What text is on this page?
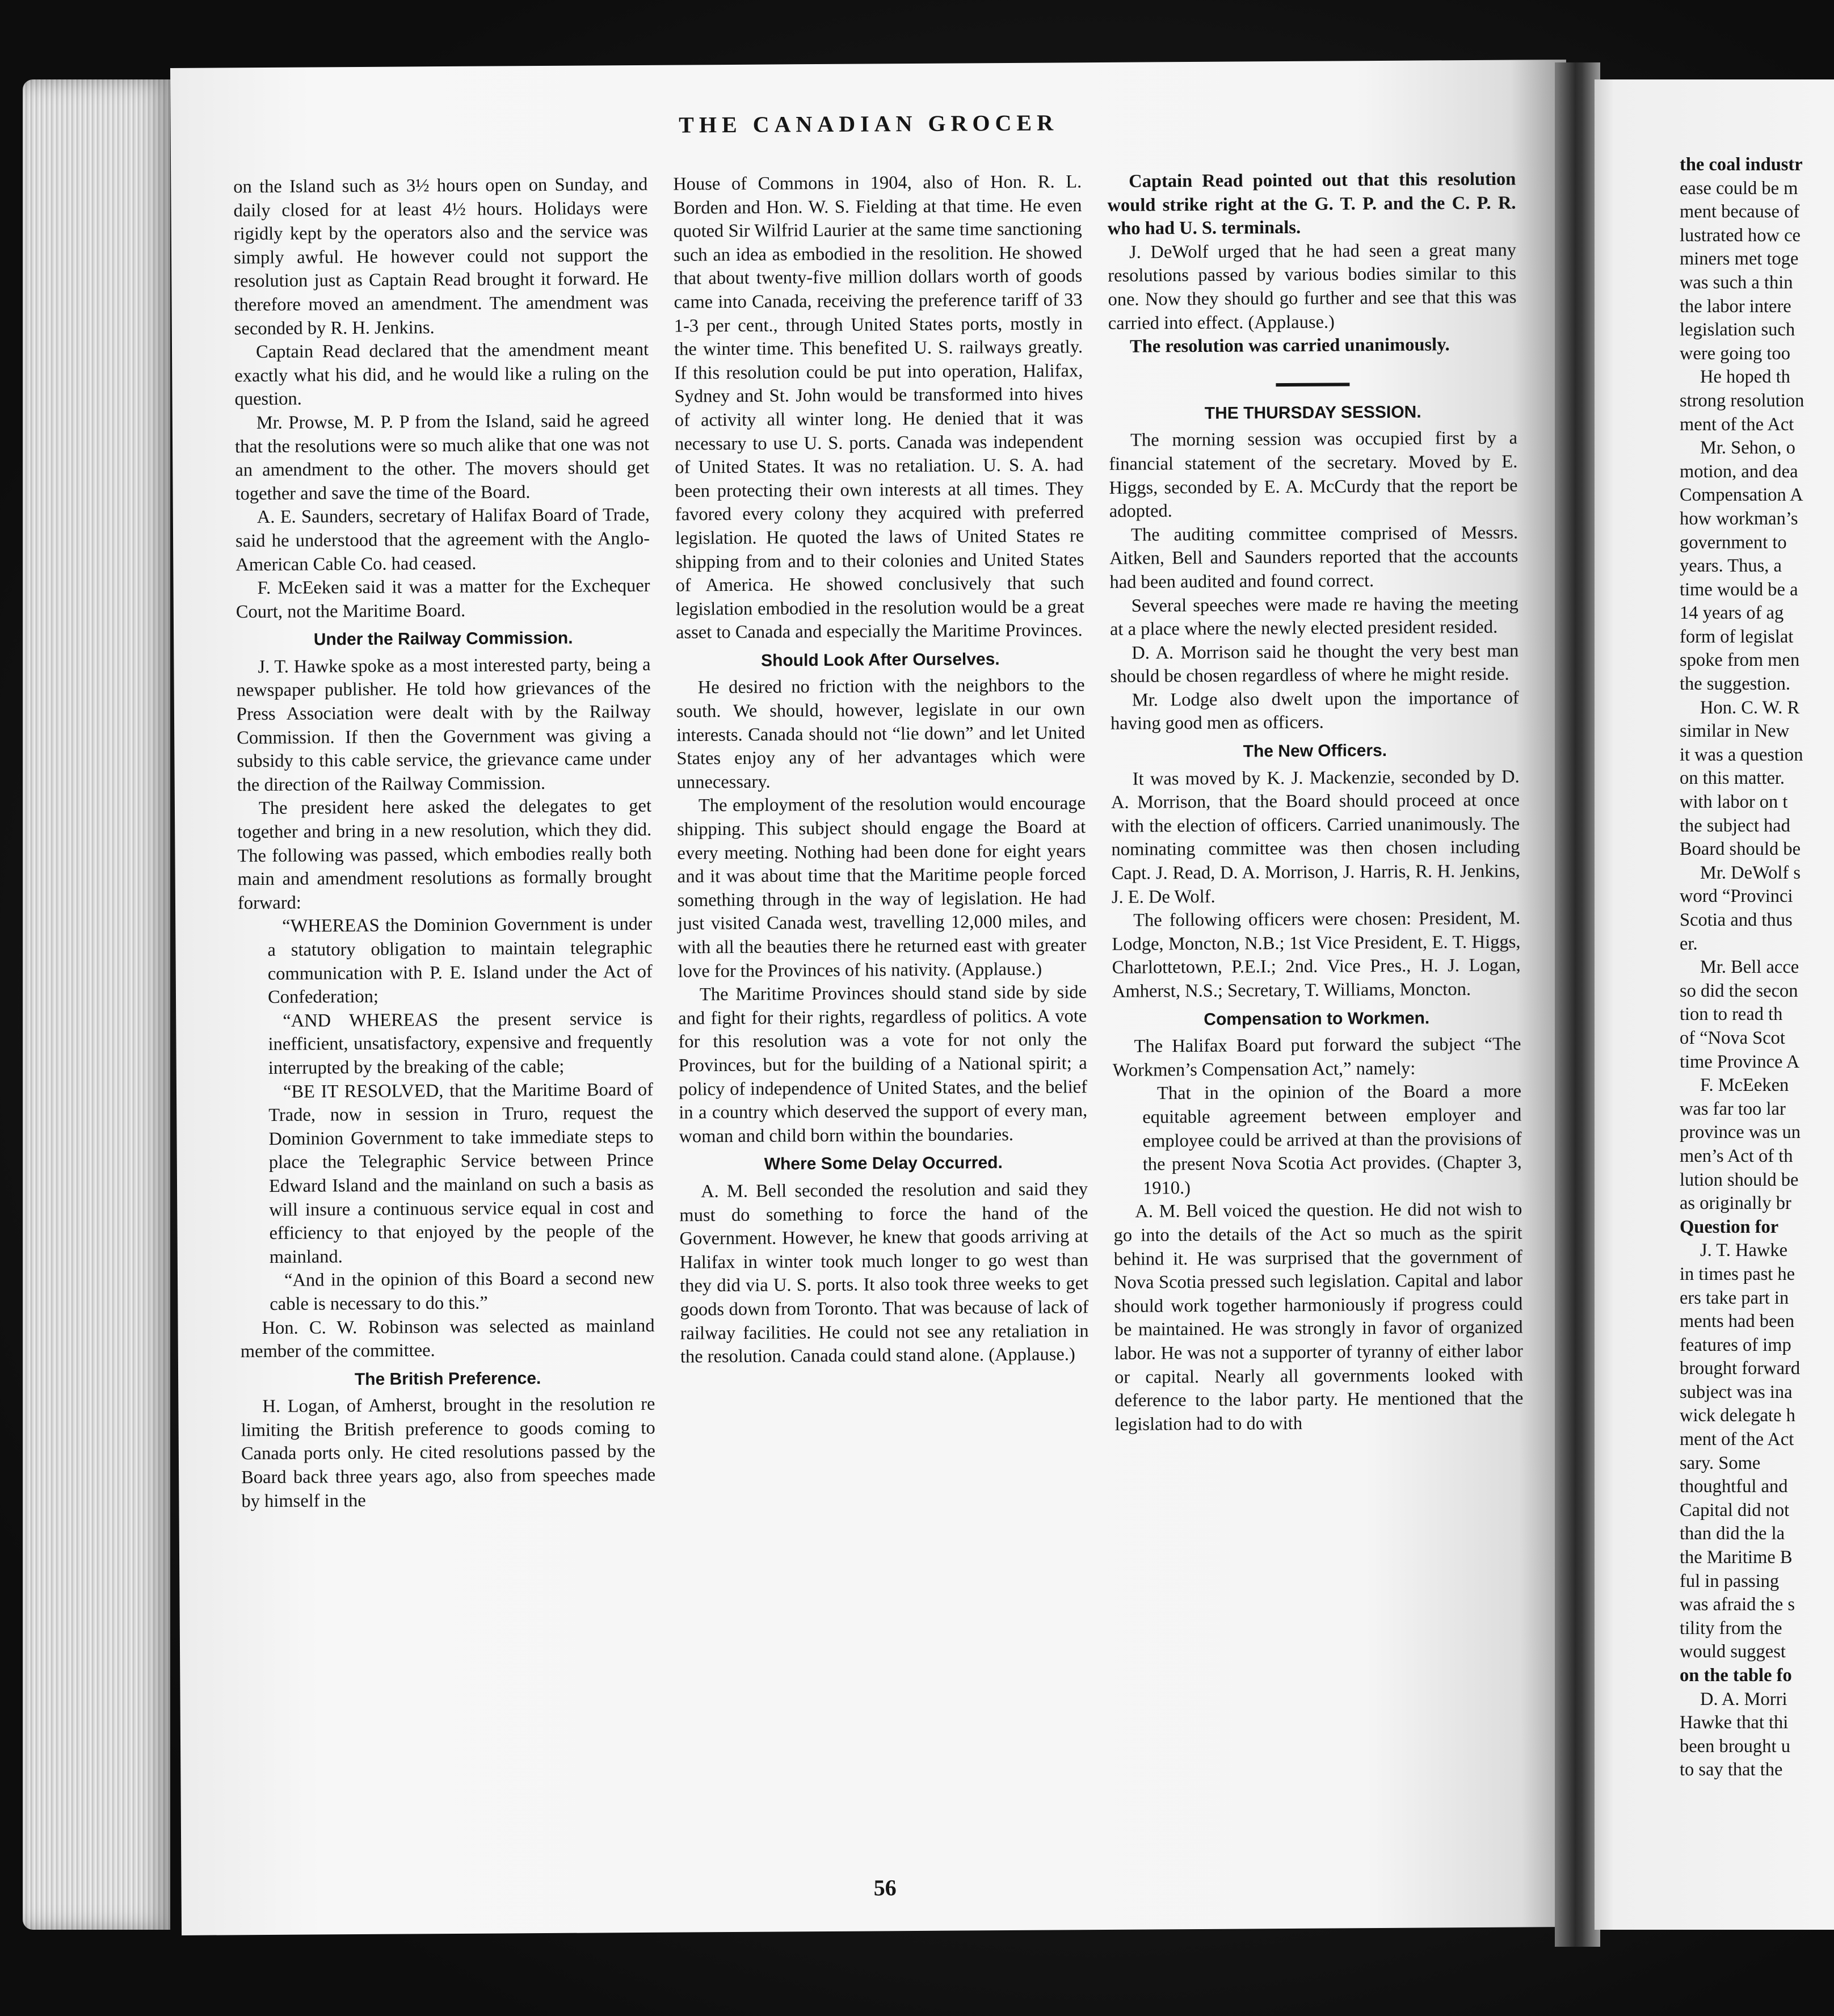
THE CANADIAN GROCER

on the Island such as 3½ hours open on Sunday, and daily closed for at least 4½ hours. Holidays were rigidly kept by the operators also and the service was simply awful. He however could not support the resolution just as Captain Read brought it forward. He therefore moved an amendment. The amendment was seconded by R. H. Jenkins.

Captain Read declared that the amendment meant exactly what his did, and he would like a ruling on the question.

Mr. Prowse, M. P. P from the Island, said he agreed that the resolutions were so much alike that one was not an amendment to the other. The movers should get together and save the time of the Board.

A. E. Saunders, secretary of Halifax Board of Trade, said he understood that the agreement with the Anglo-American Cable Co. had ceased.

F. McEeken said it was a matter for the Exchequer Court, not the Maritime Board.

Under the Railway Commission.

J. T. Hawke spoke as a most interested party, being a newspaper publisher. He told how grievances of the Press Association were dealt with by the Railway Commission. If then the Government was giving a subsidy to this cable service, the grievance came under the direction of the Railway Commission.

The president here asked the delegates to get together and bring in a new resolution, which they did. The following was passed, which embodies really both main and amendment resolutions as formally brought forward:

“WHEREAS the Dominion Government is under a statutory obligation to maintain telegraphic communication with P. E. Island under the Act of Confederation;

“AND WHEREAS the present service is inefficient, unsatisfactory, expensive and frequently interrupted by the breaking of the cable;

“BE IT RESOLVED, that the Maritime Board of Trade, now in session in Truro, request the Dominion Government to take immediate steps to place the Telegraphic Service between Prince Edward Island and the mainland on such a basis as will insure a continuous service equal in cost and efficiency to that enjoyed by the people of the mainland.

“And in the opinion of this Board a second new cable is necessary to do this.”

Hon. C. W. Robinson was selected as mainland member of the committee.

The British Preference.

H. Logan, of Amherst, brought in the resolution re limiting the British preference to goods coming to Canada ports only. He cited resolutions passed by the Board back three years ago, also from speeches made by himself in the

House of Commons in 1904, also of Hon. R. L. Borden and Hon. W. S. Fielding at that time. He even quoted Sir Wilfrid Laurier at the same time sanctioning such an idea as embodied in the resolition. He showed that about twenty-five million dollars worth of goods came into Canada, receiving the preference tariff of 33 1-3 per cent., through United States ports, mostly in the winter time. This benefited U. S. railways greatly. If this resolution could be put into operation, Halifax, Sydney and St. John would be transformed into hives of activity all winter long. He denied that it was necessary to use U. S. ports. Canada was independent of United States. It was no retaliation. U. S. A. had been protecting their own interests at all times. They favored every colony they acquired with preferred legislation. He quoted the laws of United States re shipping from and to their colonies and United States of America. He showed conclusively that such legislation embodied in the resolution would be a great asset to Canada and especially the Maritime Provinces.

Should Look After Ourselves.

He desired no friction with the neighbors to the south. We should, however, legislate in our own interests. Canada should not “lie down” and let United States enjoy any of her advantages which were unnecessary.

The employment of the resolution would encourage shipping. This subject should engage the Board at every meeting. Nothing had been done for eight years and it was about time that the Maritime people forced something through in the way of legislation. He had just visited Canada west, travelling 12,000 miles, and with all the beauties there he returned east with greater love for the Provinces of his nativity. (Applause.)

The Maritime Provinces should stand side by side and fight for their rights, regardless of politics. A vote for this resolution was a vote for not only the Provinces, but for the building of a National spirit; a policy of independence of United States, and the belief in a country which deserved the support of every man, woman and child born within the boundaries.

Where Some Delay Occurred.

A. M. Bell seconded the resolution and said they must do something to force the hand of the Government. However, he knew that goods arriving at Halifax in winter took much longer to go west than they did via U. S. ports. It also took three weeks to get goods down from Toronto. That was because of lack of railway facilities. He could not see any retaliation in the resolution. Canada could stand alone. (Applause.)

Captain Read pointed out that this resolution would strike right at the G. T. P. and the C. P. R. who had U. S. terminals.

J. DeWolf urged that he had seen a great many resolutions passed by various bodies similar to this one. Now they should go further and see that this was carried into effect. (Applause.)

The resolution was carried unanimously.

THE THURSDAY SESSION.

The morning session was occupied first by a financial statement of the secretary. Moved by E. Higgs, seconded by E. A. McCurdy that the report be adopted.

The auditing committee comprised of Messrs. Aitken, Bell and Saunders reported that the accounts had been audited and found correct.

Several speeches were made re having the meeting at a place where the newly elected president resided.

D. A. Morrison said he thought the very best man should be chosen regardless of where he might reside.

Mr. Lodge also dwelt upon the importance of having good men as officers.

The New Officers.

It was moved by K. J. Mackenzie, seconded by D. A. Morrison, that the Board should proceed at once with the election of officers. Carried unanimously. The nominating committee was then chosen including Capt. J. Read, D. A. Morrison, J. Harris, R. H. Jenkins, J. E. De Wolf.

The following officers were chosen: President, M. Lodge, Moncton, N.B.; 1st Vice President, E. T. Higgs, Charlottetown, P.E.I.; 2nd. Vice Pres., H. J. Logan, Amherst, N.S.; Secretary, T. Williams, Moncton.

Compensation to Workmen.

The Halifax Board put forward the subject “The Workmen’s Compensation Act,” namely:

That in the opinion of the Board a more equitable agreement between employer and employee could be arrived at than the provisions of the present Nova Scotia Act provides. (Chapter 3, 1910.)

A. M. Bell voiced the question. He did not wish to go into the details of the Act so much as the spirit behind it. He was surprised that the government of Nova Scotia pressed such legislation. Capital and labor should work together harmoniously if progress could be maintained. He was strongly in favor of organized labor. He was not a supporter of tyranny of either labor or capital. Nearly all governments looked with deference to the labor party. He mentioned that the legislation had to do with

56
the coal industr
ease could be m
ment because of
lustrated how ce
miners met toge
was such a thin
the labor intere
legislation such
were going too
He hoped th
strong resolution
ment of the Act
Mr. Sehon, o
motion, and dea
Compensation A
how workman’s
government to
years. Thus, a
time would be a
14 years of ag
form of legislat
spoke from men
the suggestion.
Hon. C. W. R
similar in New
it was a question
on this matter.
with labor on t
the subject had
Board should be
Mr. DeWolf s
word “Provinci
Scotia and thus
er.
Mr. Bell acce
so did the secon
tion to read th
of “Nova Scot
time Province A
F. McEeken
was far too lar
province was un
men’s Act of th
lution should be
as originally br
Question for
J. T. Hawke
in times past he
ers take part in
ments had been
features of imp
brought forward
subject was ina
wick delegate h
ment of the Act
sary. Some
thoughtful and
Capital did not
than did the la
the Maritime B
ful in passing
was afraid the s
tility from the
would suggest
on the table fo
D. A. Morri
Hawke that thi
been brought u
to say that the
